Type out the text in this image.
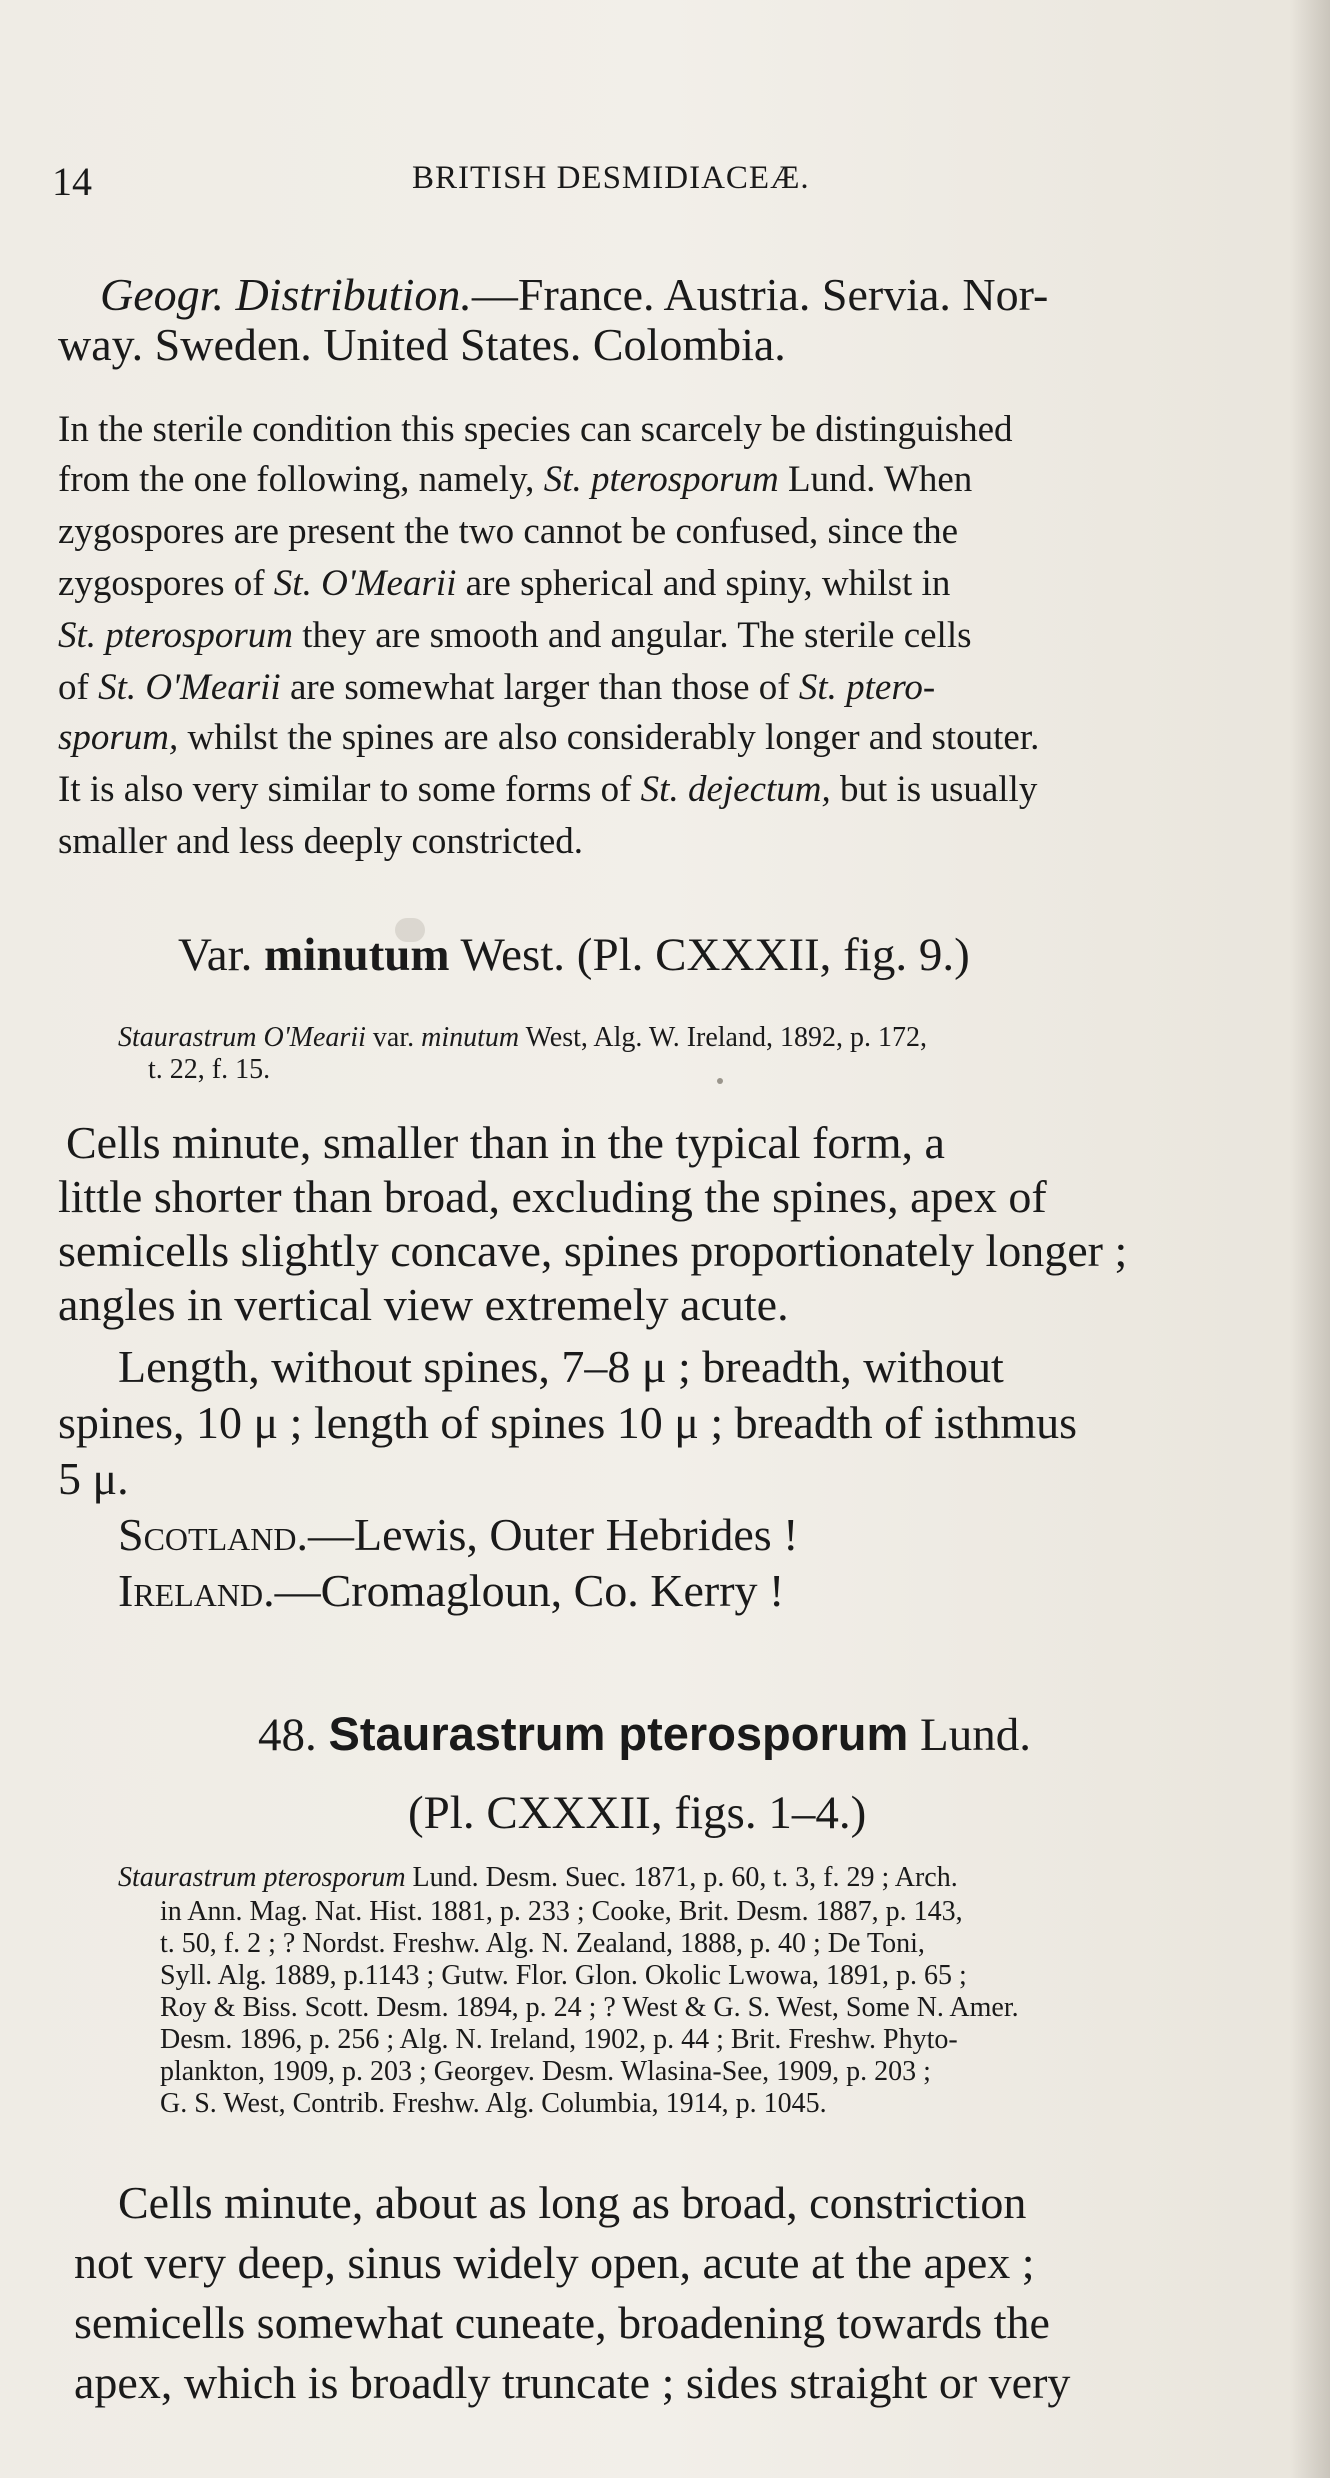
14	BRITISH DESMIDIACEÆ.
Geogr. Distribution.—France. Austria. Servia. Nor-
way. Sweden. United States. Colombia.
In the sterile condition this species can scarcely be distinguished
from the one following, namely, St. pterosporum Lund. When
zygospores are present the two cannot be confused, since the
zygospores of St. O'Mearii are spherical and spiny, whilst in
St. pterosporum they are smooth and angular. The sterile cells
of St. O'Mearii are somewhat larger than those of St. ptero-
sporum, whilst the spines are also considerably longer and stouter.
It is also very similar to some forms of St. dejectum, but is usually
smaller and less deeply constricted.
Var. minutum West. (Pl. CXXXII, fig. 9.)
Staurastrum O'Mearii var. minutum West, Alg. W. Ireland, 1892, p. 172,
t. 22, f. 15.
Cells minute, smaller than in the typical form, a
little shorter than broad, excluding the spines, apex of
semicells slightly concave, spines proportionately longer ;
angles in vertical view extremely acute.
Length, without spines, 7–8 μ ; breadth, without
spines, 10 μ ; length of spines 10 μ ; breadth of isthmus
5 μ.
Scotland.—Lewis, Outer Hebrides !
Ireland.—Cromagloun, Co. Kerry !
48. Staurastrum pterosporum Lund.
(Pl. CXXXII, figs. 1–4.)
Staurastrum pterosporum Lund. Desm. Suec. 1871, p. 60, t. 3, f. 29 ; Arch.
in Ann. Mag. Nat. Hist. 1881, p. 233 ; Cooke, Brit. Desm. 1887, p. 143,
t. 50, f. 2 ; ? Nordst. Freshw. Alg. N. Zealand, 1888, p. 40 ; De Toni,
Syll. Alg. 1889, p.1143 ; Gutw. Flor. Glon. Okolic Lwowa, 1891, p. 65 ;
Roy & Biss. Scott. Desm. 1894, p. 24 ; ? West & G. S. West, Some N. Amer.
Desm. 1896, p. 256 ; Alg. N. Ireland, 1902, p. 44 ; Brit. Freshw. Phyto-
plankton, 1909, p. 203 ; Georgev. Desm. Wlasina-See, 1909, p. 203 ;
G. S. West, Contrib. Freshw. Alg. Columbia, 1914, p. 1045.
Cells minute, about as long as broad, constriction
not very deep, sinus widely open, acute at the apex ;
semicells somewhat cuneate, broadening towards the
apex, which is broadly truncate ; sides straight or very
